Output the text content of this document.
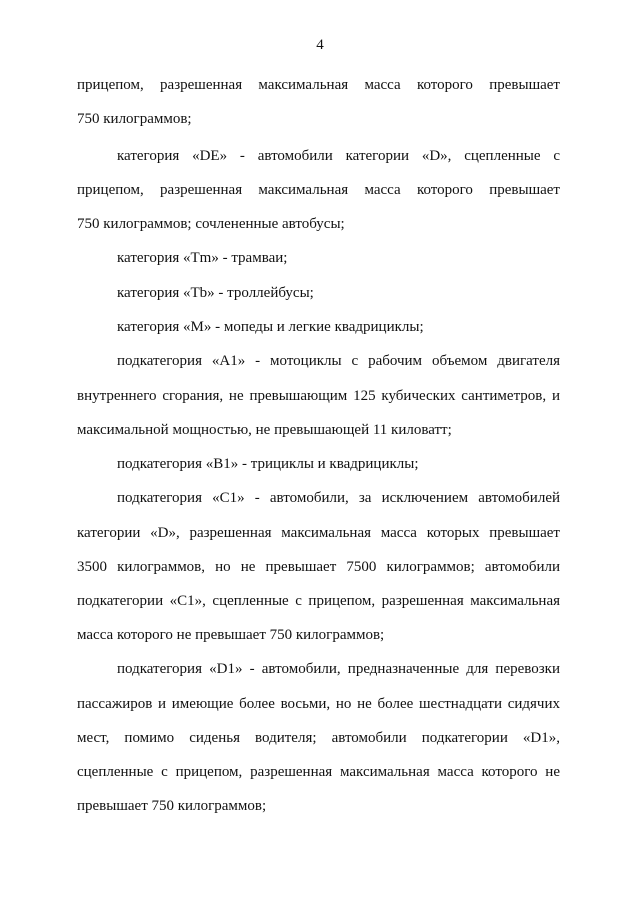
4
прицепом, разрешенная максимальная масса которого превышает
750 килограммов;
категория «DE» - автомобили категории «D», сцепленные с
прицепом, разрешенная максимальная масса которого превышает
750 килограммов; сочлененные автобусы;
категория «Tm» - трамваи;
категория «Tb» - троллейбусы;
категория «M» - мопеды и легкие квадрициклы;
подкатегория «A1» - мотоциклы с рабочим объемом двигателя
внутреннего сгорания, не превышающим 125 кубических сантиметров, и
максимальной мощностью, не превышающей 11 киловатт;
подкатегория «B1» - трициклы и квадрициклы;
подкатегория «C1» - автомобили, за исключением автомобилей
категории «D», разрешенная максимальная масса которых превышает
3500 килограммов, но не превышает 7500 килограммов; автомобили
подкатегории «C1», сцепленные с прицепом, разрешенная максимальная
масса которого не превышает 750 килограммов;
подкатегория «D1» - автомобили, предназначенные для перевозки
пассажиров и имеющие более восьми, но не более шестнадцати сидячих
мест, помимо сиденья водителя; автомобили подкатегории «D1»,
сцепленные с прицепом, разрешенная максимальная масса которого не
превышает 750 килограммов;
